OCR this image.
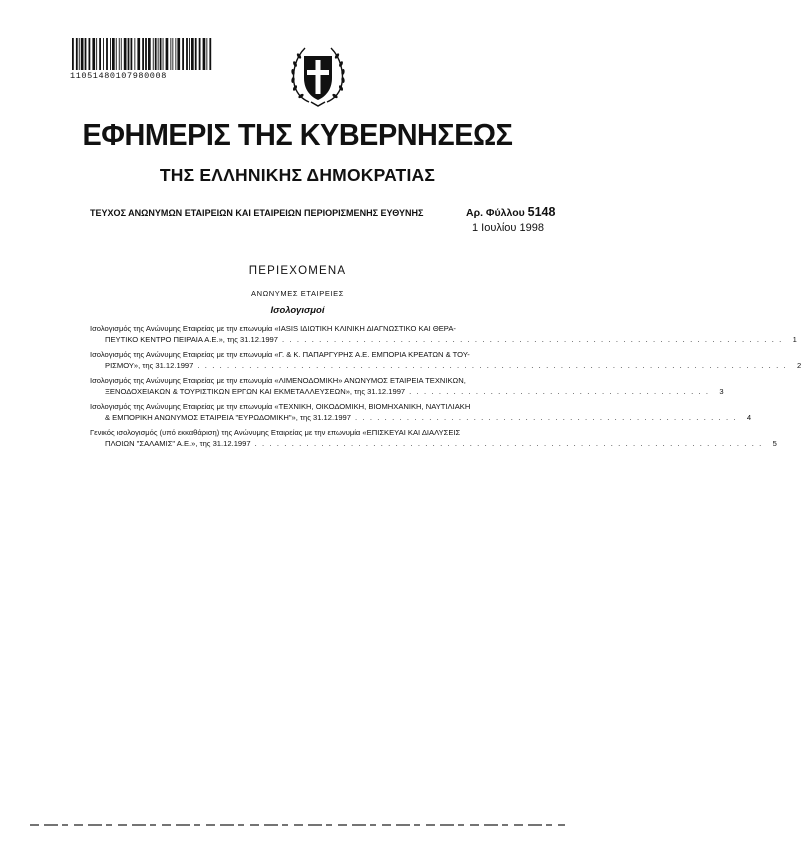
11051480107980008
ΕΦΗΜΕΡΙΣ ΤΗΣ ΚΥΒΕΡΝΗΣΕΩΣ
ΤΗΣ ΕΛΛΗΝΙΚΗΣ ΔΗΜΟΚΡΑΤΙΑΣ
ΤΕΥΧΟΣ ΑΝΩΝΥΜΩΝ ΕΤΑΙΡΕΙΩΝ ΚΑΙ ΕΤΑΙΡΕΙΩΝ ΠΕΡΙΟΡΙΣΜΕΝΗΣ ΕΥΘΥΝΗΣ	Αρ. Φύλλου 5148
1 Ιουλίου 1998
ΠΕΡΙΕΧΟΜΕΝΑ
ΑΝΩΝΥΜΕΣ ΕΤΑΙΡΕΙΕΣ
Ισολογισμοί
Ισολογισμός της Ανώνυμης Εταιρείας με την επωνυμία «IASIS ΙΔΙΩΤΙΚΗ ΚΛΙΝΙΚΗ ΔΙΑΓΝΩΣΤΙΚΟ ΚΑΙ ΘΕΡΑ-
ΠΕΥΤΙΚΟ ΚΕΝΤΡΟ ΠΕΙΡΑΙΑ Α.Ε.», της 31.12.1997 . . . . . . . . . . . . . . . . . . . . . . . . . . . . . . . . . . . . . . . . . . . . . . . . . . . . . . . . . . . . . . . . . . . .	1
Ισολογισμός της Ανώνυμης Εταιρείας με την επωνυμία «Γ. & Κ. ΠΑΠΑΡΓΥΡΗΣ Α.Ε. ΕΜΠΟΡΙΑ ΚΡΕΑΤΩΝ & ΤΟΥ-
ΡΙΣΜΟΥ», της 31.12.1997 . . . . . . . . . . . . . . . . . . . . . . . . . . . . . . . . . . . . . . . . . . . . . . . . . . . . . . . . . . . . . . . . . . . . . . . . . . . . . . . .	2
Ισολογισμός της Ανώνυμης Εταιρείας με την επωνυμία «ΛΙΜΕΝΟΔΟΜΙΚΗ» ΑΝΩΝΥΜΟΣ ΕΤΑΙΡΕΙΑ ΤΕΧΝΙΚΩΝ,
ΞΕΝΟΔΟΧΕΙΑΚΩΝ & ΤΟΥΡΙΣΤΙΚΩΝ ΕΡΓΩΝ ΚΑΙ ΕΚΜΕΤΑΛΛΕΥΣΕΩΝ», της 31.12.1997 . . . . . . . . . . . . . . . . . . . . . . . . . . . . . . . . . . . . . . . . .	3
Ισολογισμός της Ανώνυμης Εταιρείας με την επωνυμία «ΤΕΧΝΙΚΗ, ΟΙΚΟΔΟΜΙΚΗ, ΒΙΟΜΗΧΑΝΙΚΗ, ΝΑΥΤΙΛΙΑΚΗ
& ΕΜΠΟΡΙΚΗ ΑΝΩΝΥΜΟΣ ΕΤΑΙΡΕΙΑ "ΕΥΡΩΔΟΜΙΚΗ"», της 31.12.1997 . . . . . . . . . . . . . . . . . . . . . . . . . . . . . . . . . . . . . . . . . . . . . . . . . . . .	4
Γενικός ισολογισμός (υπό εκκαθάριση) της Ανώνυμης Εταιρείας με την επωνυμία «ΕΠΙΣΚΕΥΑΙ ΚΑΙ ΔΙΑΛΥΣΕΙΣ
ΠΛΟΙΩΝ "ΣΑΛΑΜΙΣ" Α.Ε.», της 31.12.1997 . . . . . . . . . . . . . . . . . . . . . . . . . . . . . . . . . . . . . . . . . . . . . . . . . . . . . . . . . . . . . . . . . . . . .	5
